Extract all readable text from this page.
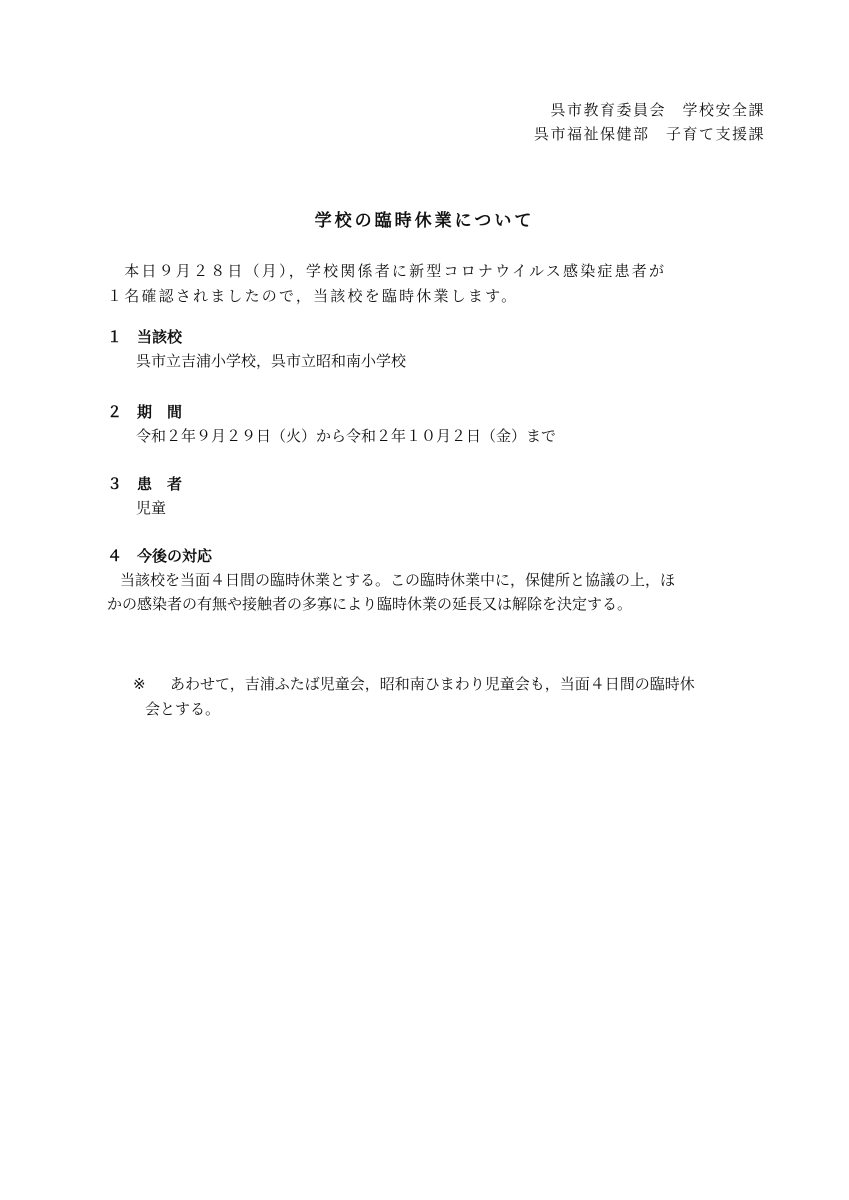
呉市教育委員会　学校安全課
呉市福祉保健部　子育て支援課
学校の臨時休業について
　本日９月２８日（月），学校関係者に新型コロナウイルス感染症患者が
１名確認されましたので，当該校を臨時休業します。
１ 当該校
呉市立吉浦小学校，呉市立昭和南小学校
２ 期　間
令和２年９月２９日（火）から令和２年１０月２日（金）まで
３ 患　者
児童
４ 今後の対応
当該校を当面４日間の臨時休業とする。この臨時休業中に，保健所と協議の上，ほ
かの感染者の有無や接触者の多寡により臨時休業の延長又は解除を決定する。
※	あわせて，吉浦ふたば児童会，昭和南ひまわり児童会も，当面４日間の臨時休
会とする。
